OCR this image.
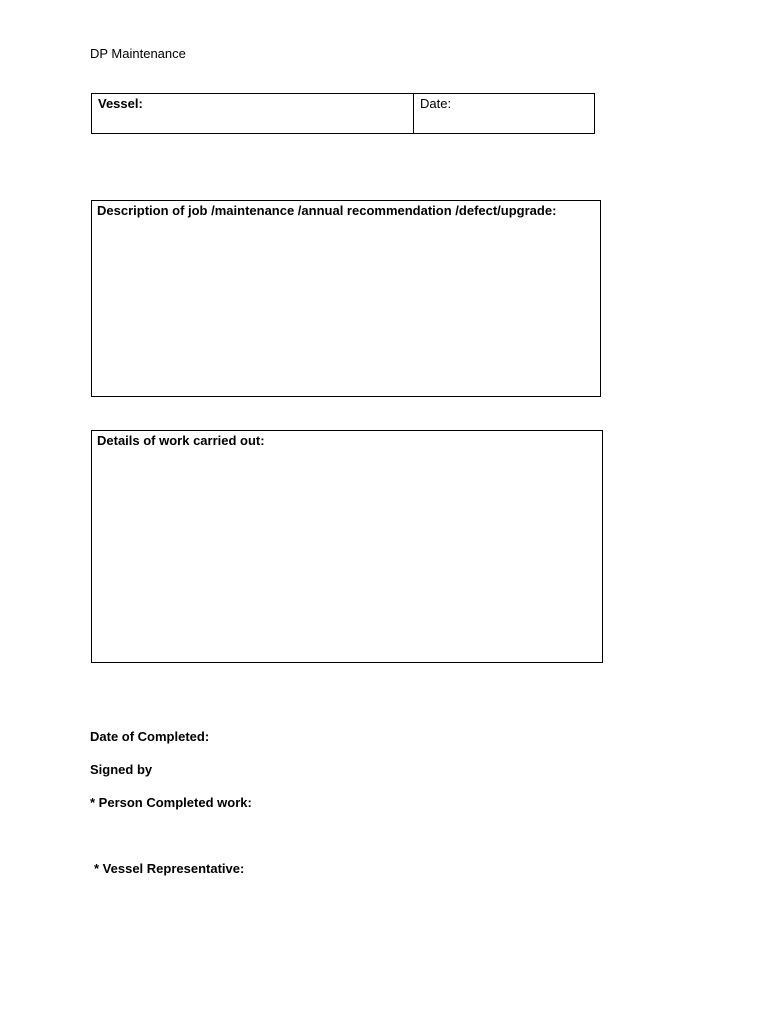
DP Maintenance
Vessel:	Date:
Description of job /maintenance /annual recommendation /defect/upgrade:
Details of work carried out:
Date of Completed:
Signed by
* Person Completed work:
* Vessel Representative:
